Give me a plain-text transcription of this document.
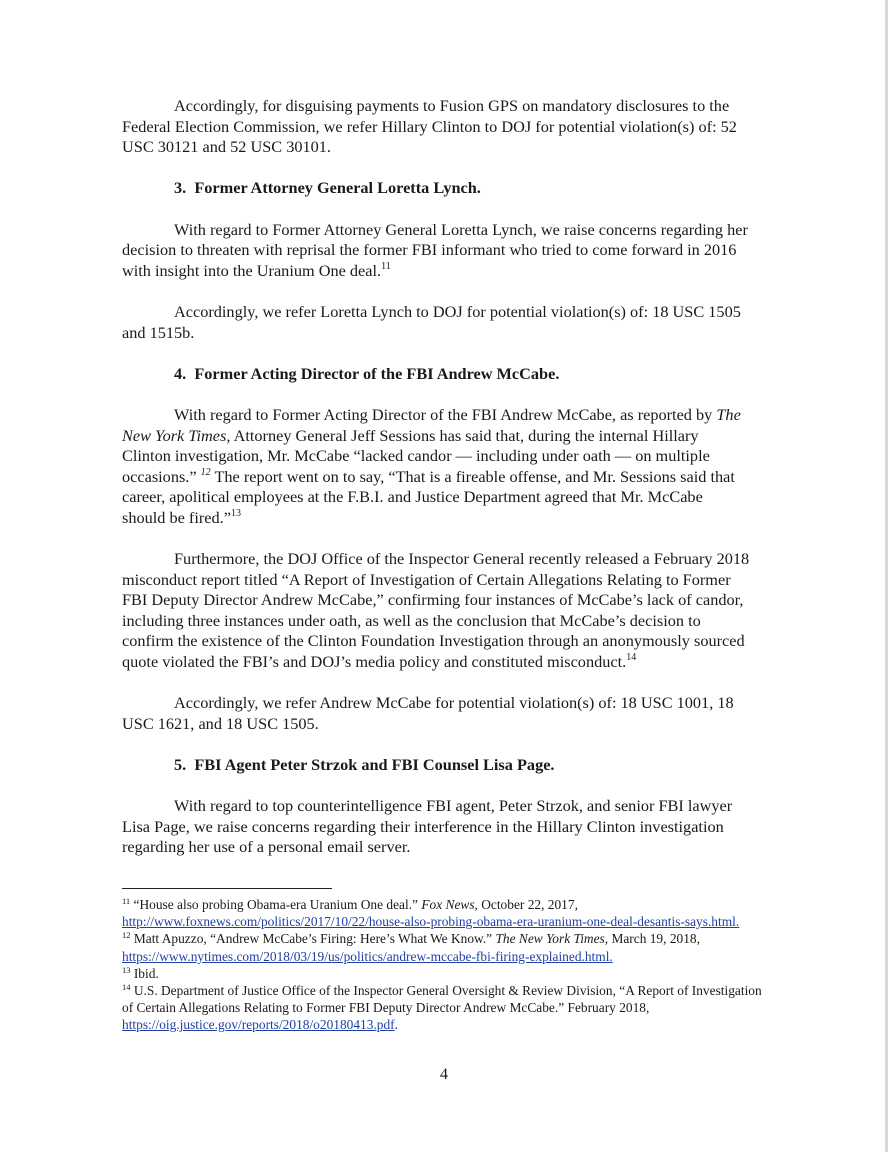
Accordingly, for disguising payments to Fusion GPS on mandatory disclosures to the Federal Election Commission, we refer Hillary Clinton to DOJ for potential violation(s) of: 52 USC 30121 and 52 USC 30101.

3.  Former Attorney General Loretta Lynch.

With regard to Former Attorney General Loretta Lynch, we raise concerns regarding her decision to threaten with reprisal the former FBI informant who tried to come forward in 2016 with insight into the Uranium One deal.$^{11}$

Accordingly, we refer Loretta Lynch to DOJ for potential violation(s) of: 18 USC 1505 and 1515b.

4.  Former Acting Director of the FBI Andrew McCabe.

With regard to Former Acting Director of the FBI Andrew McCabe, as reported by The New York Times, Attorney General Jeff Sessions has said that, during the internal Hillary Clinton investigation, Mr. McCabe “lacked candor — including under oath — on multiple occasions.” $^{12}$ The report went on to say, “That is a fireable offense, and Mr. Sessions said that career, apolitical employees at the F.B.I. and Justice Department agreed that Mr. McCabe should be fired.”$^{13}$

Furthermore, the DOJ Office of the Inspector General recently released a February 2018 misconduct report titled “A Report of Investigation of Certain Allegations Relating to Former FBI Deputy Director Andrew McCabe,” confirming four instances of McCabe’s lack of candor, including three instances under oath, as well as the conclusion that McCabe’s decision to confirm the existence of the Clinton Foundation Investigation through an anonymously sourced quote violated the FBI’s and DOJ’s media policy and constituted misconduct.$^{14}$

Accordingly, we refer Andrew McCabe for potential violation(s) of: 18 USC 1001, 18 USC 1621, and 18 USC 1505.

5.  FBI Agent Peter Strzok and FBI Counsel Lisa Page.

With regard to top counterintelligence FBI agent, Peter Strzok, and senior FBI lawyer Lisa Page, we raise concerns regarding their interference in the Hillary Clinton investigation regarding her use of a personal email server.

$^{11}$ “House also probing Obama-era Uranium One deal.” Fox News, October 22, 2017,
http://www.foxnews.com/politics/2017/10/22/house-also-probing-obama-era-uranium-one-deal-desantis-says.html.

$^{12}$ Matt Apuzzo, “Andrew McCabe’s Firing: Here’s What We Know.” The New York Times, March 19, 2018, https://www.nytimes.com/2018/03/19/us/politics/andrew-mccabe-fbi-firing-explained.html.

$^{13}$ Ibid.

$^{14}$ U.S. Department of Justice Office of the Inspector General Oversight & Review Division, “A Report of Investigation of Certain Allegations Relating to Former FBI Deputy Director Andrew McCabe.” February 2018, https://oig.justice.gov/reports/2018/o20180413.pdf.

4
